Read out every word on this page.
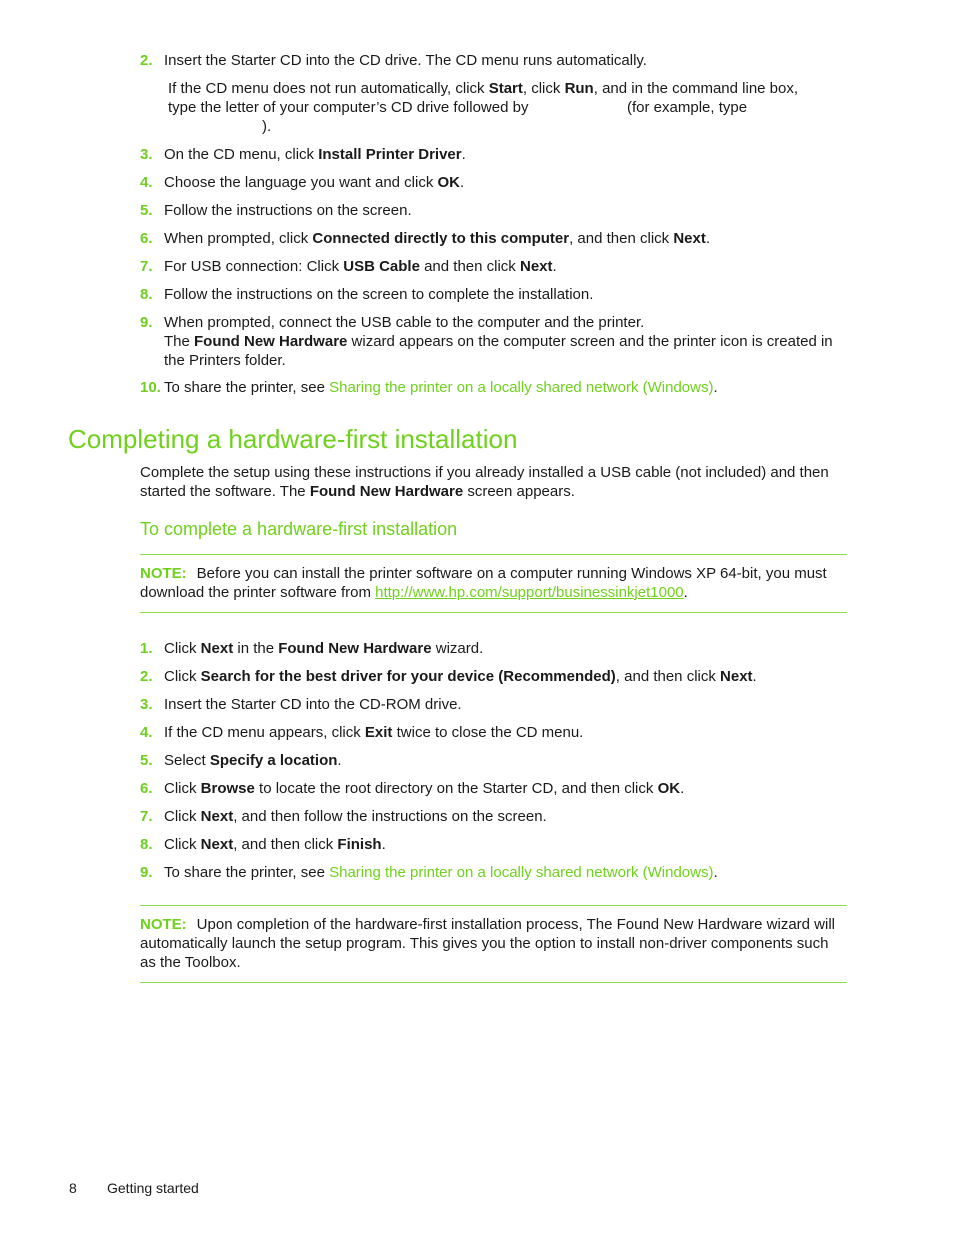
2. Insert the Starter CD into the CD drive. The CD menu runs automatically.
If the CD menu does not run automatically, click Start, click Run, and in the command line box,
type the letter of your computer’s CD drive followed by	(for example, type
).
3. On the CD menu, click Install Printer Driver.
4. Choose the language you want and click OK.
5. Follow the instructions on the screen.
6. When prompted, click Connected directly to this computer, and then click Next.
7. For USB connection: Click USB Cable and then click Next.
8. Follow the instructions on the screen to complete the installation.
9. When prompted, connect the USB cable to the computer and the printer.
The Found New Hardware wizard appears on the computer screen and the printer icon is created in the Printers folder.
10. To share the printer, see Sharing the printer on a locally shared network (Windows).
Completing a hardware-first installation
Complete the setup using these instructions if you already installed a USB cable (not included) and then started the software. The Found New Hardware screen appears.
To complete a hardware-first installation
NOTE: Before you can install the printer software on a computer running Windows XP 64-bit, you must download the printer software from http://www.hp.com/support/businessinkjet1000.
1. Click Next in the Found New Hardware wizard.
2. Click Search for the best driver for your device (Recommended), and then click Next.
3. Insert the Starter CD into the CD-ROM drive.
4. If the CD menu appears, click Exit twice to close the CD menu.
5. Select Specify a location.
6. Click Browse to locate the root directory on the Starter CD, and then click OK.
7. Click Next, and then follow the instructions on the screen.
8. Click Next, and then click Finish.
9. To share the printer, see Sharing the printer on a locally shared network (Windows).
NOTE: Upon completion of the hardware-first installation process, The Found New Hardware wizard will automatically launch the setup program. This gives you the option to install non-driver components such as the Toolbox.
8 Getting started
